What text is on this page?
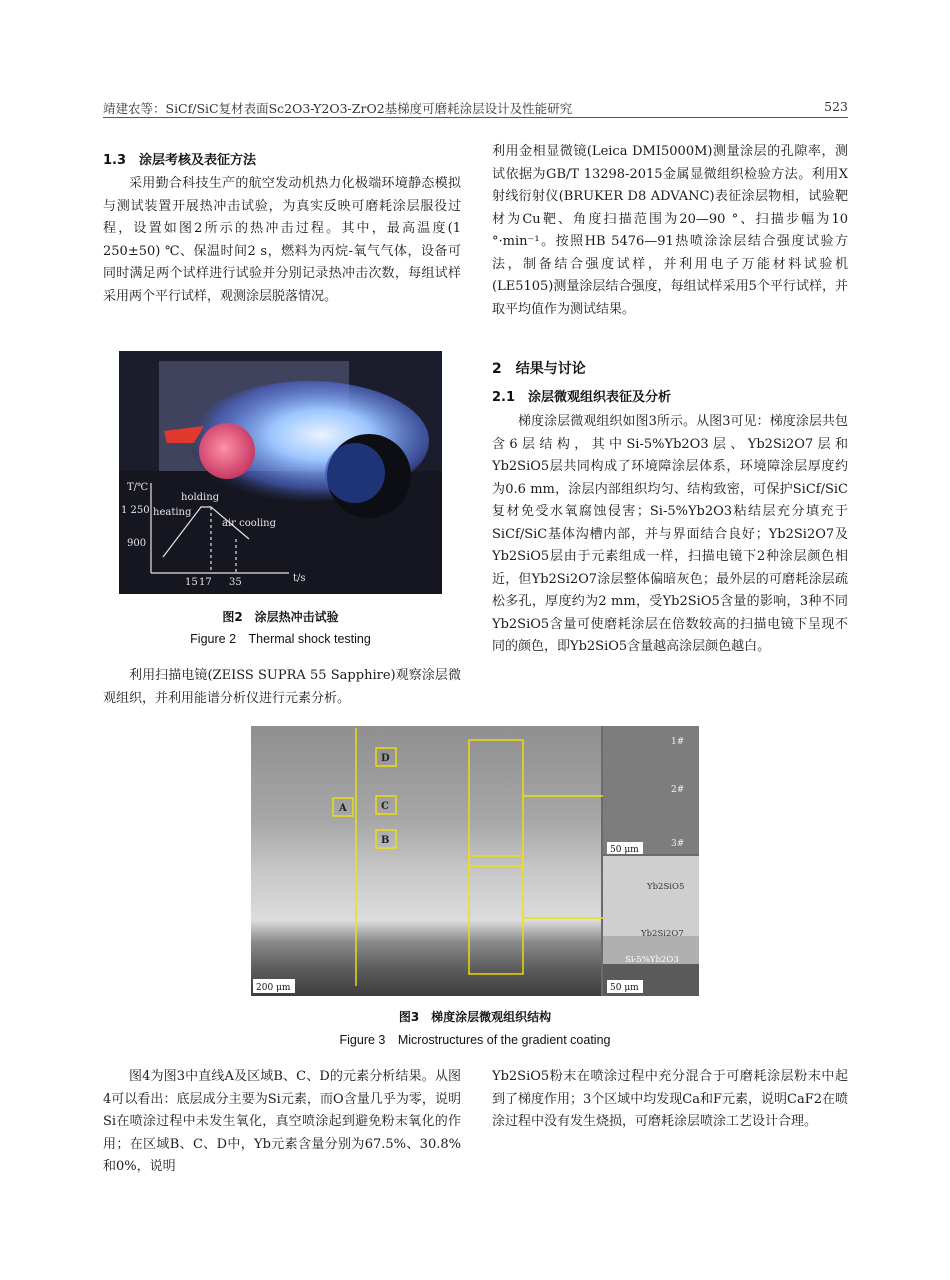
靖建农等：SiCf/SiC复材表面Sc2O3-Y2O3-ZrO2基梯度可磨耗涂层设计及性能研究	523
1.3　涂层考核及表征方法
采用勤合科技生产的航空发动机热力化极端环境静态模拟与测试装置开展热冲击试验，为真实反映可磨耗涂层服役过程，设置如图2所示的热冲击过程。其中，最高温度(1 250±50) ℃、保温时间2 s，燃料为丙烷-氧气气体，设备可同时满足两个试样进行试验并分别记录热冲击次数，每组试样采用两个平行试样，观测涂层脱落情况。
T/℃
t/s
1 250
900
15 17 35
holding
heating
air cooling
图2　涂层热冲击试验
Figure 2　Thermal shock testing
利用扫描电镜(ZEISS SUPRA 55 Sapphire)观察涂层微观组织，并利用能谱分析仪进行元素分析。
利用金相显微镜(Leica DMI5000M)测量涂层的孔隙率，测试依据为GB/T 13298-2015金属显微组织检验方法。利用X射线衍射仪(BRUKER D8 ADVANC)表征涂层物相，试验靶材为Cu靶、角度扫描范围为20—90 °、扫描步幅为10 °·min⁻¹。按照HB 5476—91热喷涂涂层结合强度试验方法，制备结合强度试样，并利用电子万能材料试验机(LE5105)测量涂层结合强度，每组试样采用5个平行试样，并取平均值作为测试结果。
2　结果与讨论
2.1　涂层微观组织表征及分析
梯度涂层微观组织如图3所示。从图3可见：梯度涂层共包含6层结构，其中Si-5%Yb2O3层、Yb2Si2O7层和Yb2SiO5层共同构成了环境障涂层体系，环境障涂层厚度约为0.6 mm，涂层内部组织均匀、结构致密，可保护SiCf/SiC复材免受水氧腐蚀侵害；Si-5%Yb2O3粘结层充分填充于SiCf/SiC基体沟槽内部，并与界面结合良好；Yb2Si2O7及Yb2SiO5层由于元素组成一样，扫描电镜下2种涂层颜色相近，但Yb2Si2O7涂层整体偏暗灰色；最外层的可磨耗涂层疏松多孔，厚度约为2 mm，受Yb2SiO5含量的影响，3种不同Yb2SiO5含量可使磨耗涂层在倍数较高的扫描电镜下呈现不同的颜色，即Yb2SiO5含量越高涂层颜色越白。
D
A	C
B
200 μm
50 μm
50 μm
1#
2#
3#
Yb2SiO5
Yb2Si2O7
Si-5%Yb2O3
图3　梯度涂层微观组织结构
Figure 3　Microstructures of the gradient coating
图4为图3中直线A及区域B、C、D的元素分析结果。从图4可以看出：底层成分主要为Si元素，而O含量几乎为零，说明Si在喷涂过程中未发生氧化，真空喷涂起到避免粉末氧化的作用；在区域B、C、D中，Yb元素含量分别为67.5%、30.8%和0%，说明
Yb2SiO5粉末在喷涂过程中充分混合于可磨耗涂层粉末中起到了梯度作用；3个区域中均发现Ca和F元素，说明CaF2在喷涂过程中没有发生烧损，可磨耗涂层喷涂工艺设计合理。
